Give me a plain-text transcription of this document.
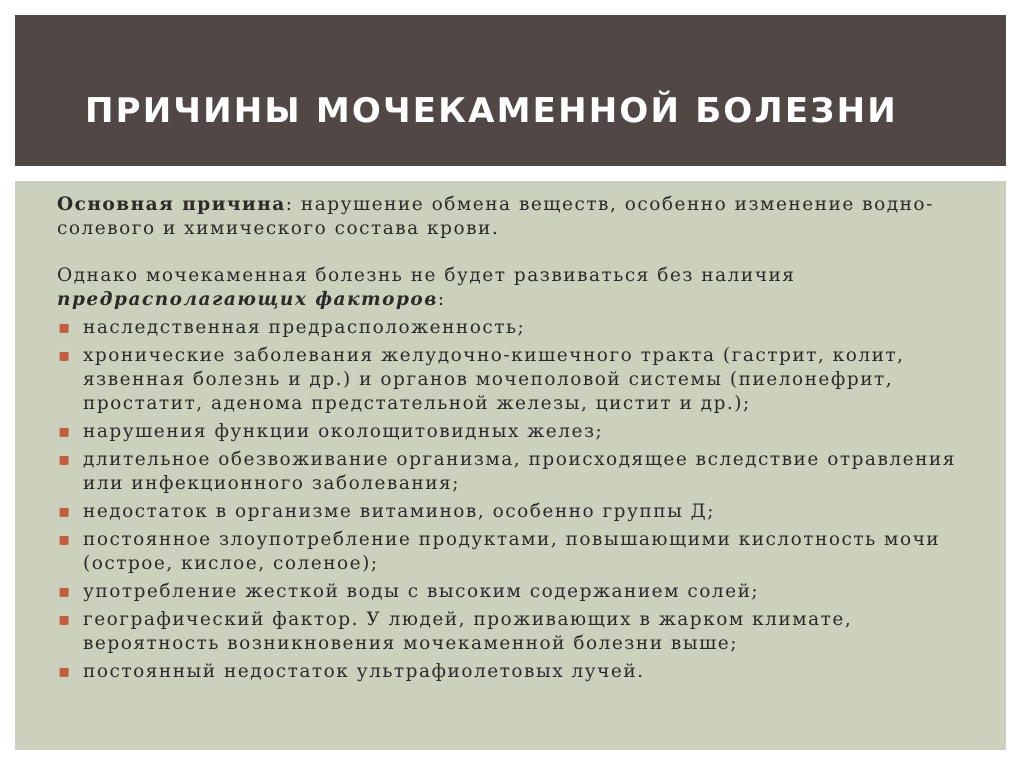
ПРИЧИНЫ МОЧЕКАМЕННОЙ БОЛЕЗНИ

Основная причина: нарушение обмена веществ, особенно изменение водно-солевого и химического состава крови.

Однако мочекаменная болезнь не будет развиваться без наличия предрасполагающих факторов:

▪ наследственная предрасположенность;
▪ хронические заболевания желудочно-кишечного тракта (гастрит, колит, язвенная болезнь и др.) и органов мочеполовой системы (пиелонефрит, простатит, аденома предстательной железы, цистит и др.);
▪ нарушения функции околощитовидных желез;
▪ длительное обезвоживание организма, происходящее вследствие отравления или инфекционного заболевания;
▪ недостаток в организме витаминов, особенно группы Д;
▪ постоянное злоупотребление продуктами, повышающими кислотность мочи (острое, кислое, соленое);
▪ употребление жесткой воды с высоким содержанием солей;
▪ географический фактор. У людей, проживающих в жарком климате, вероятность возникновения мочекаменной болезни выше;
▪ постоянный недостаток ультрафиолетовых лучей.
